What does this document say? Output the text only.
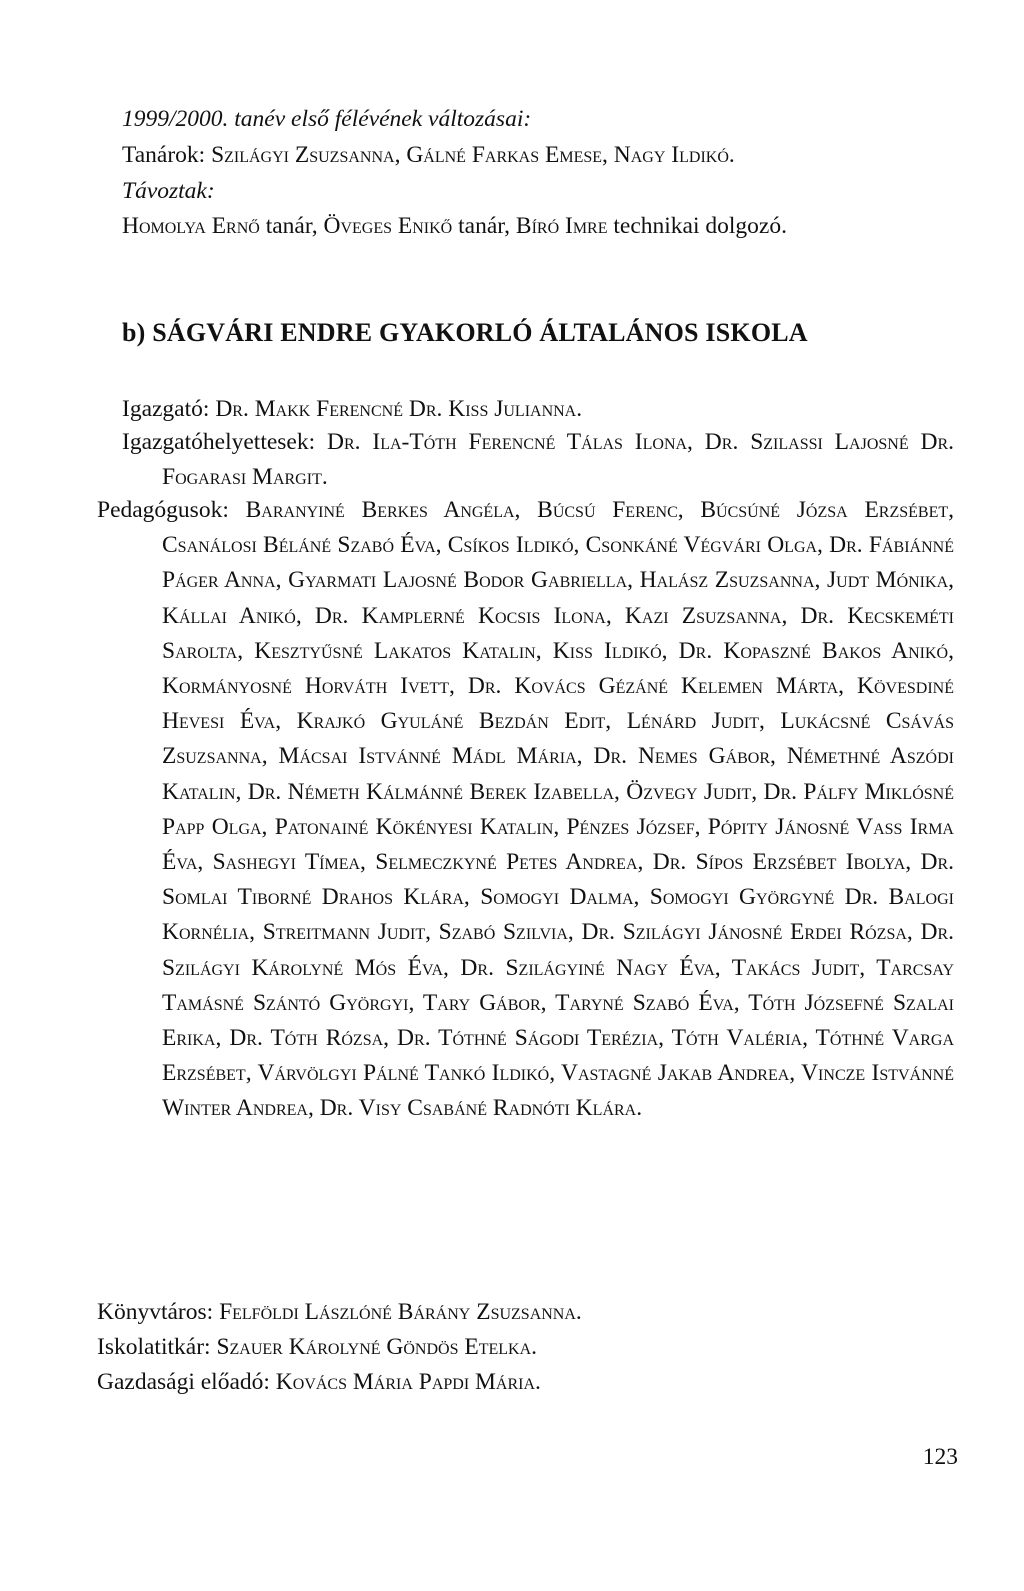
1999/2000. tanév első félévének változásai:
Tanárok: Szilágyi Zsuzsanna, Gálné Farkas Emese, Nagy Ildikó.
Távoztak:
Homolya Ernő tanár, Öveges Enikő tanár, Bíró Imre technikai dolgozó.
b) SÁGVÁRI ENDRE GYAKORLÓ ÁLTALÁNOS ISKOLA
Igazgató: Dr. Makk Ferencné Dr. Kiss Julianna.
Igazgatóhelyettesek: Dr. Ila-Tóth Ferencné Tálas Ilona, Dr. Szilassi Lajosné Dr. Fogarasi Margit.
Pedagógusok: Baranyiné Berkes Angéla, Búcsú Ferenc, Búcsúné Józsa Erzsébet, Csanálosi Béláné Szabó Éva, Csíkos Ildikó, Csonkáné Végvári Olga, Dr. Fábiánné Páger Anna, Gyarmati Lajosné Bodor Gabriella, Halász Zsuzsanna, Judt Mónika, Kállai Anikó, Dr. Kamplerné Kocsis Ilona, Kazi Zsuzsanna, Dr. Kecskeméti Sarolta, Kesztyűsné Lakatos Katalin, Kiss Ildikó, Dr. Kopaszné Bakos Anikó, Kormányosné Horváth Ivett, Dr. Kovács Gézáné Kelemen Márta, Kövesdiné Hevesi Éva, Krajkó Gyuláné Bezdán Edit, Lénárd Judit, Lukácsné Csávás Zsuzsanna, Mácsai Istvánné Mádl Mária, Dr. Nemes Gábor, Némethné Aszódi Katalin, Dr. Németh Kálmánné Berek Izabella, Özvegy Judit, Dr. Pálfy Miklósné Papp Olga, Patonainé Kökényesi Katalin, Pénzes József, Pópity Jánosné Vass Irma Éva, Sashegyi Tímea, Selmeczkyné Petes Andrea, Dr. Sípos Erzsébet Ibolya, Dr. Somlai Tiborné Drahos Klára, Somogyi Dalma, Somogyi Györgyné Dr. Balogi Kornélia, Streitmann Judit, Szabó Szilvia, Dr. Szilágyi Jánosné Erdei Rózsa, Dr. Szilágyi Károlyné Mós Éva, Dr. Szilágyiné Nagy Éva, Takács Judit, Tarcsay Tamásné Szántó Györgyi, Tary Gábor, Taryné Szabó Éva, Tóth Józsefné Szalai Erika, Dr. Tóth Rózsa, Dr. Tóthné Ságodi Terézia, Tóth Valéria, Tóthné Varga Erzsébet, Várvölgyi Pálné Tankó Ildikó, Vastagné Jakab Andrea, Vincze Istvánné Winter Andrea, Dr. Visy Csabáné Radnóti Klára.
Könyvtáros: Felföldi Lászlóné Bárány Zsuzsanna.
Iskolatitkár: Szauer Károlyné Göndös Etelka.
Gazdasági előadó: Kovács Mária Papdi Mária.
123
